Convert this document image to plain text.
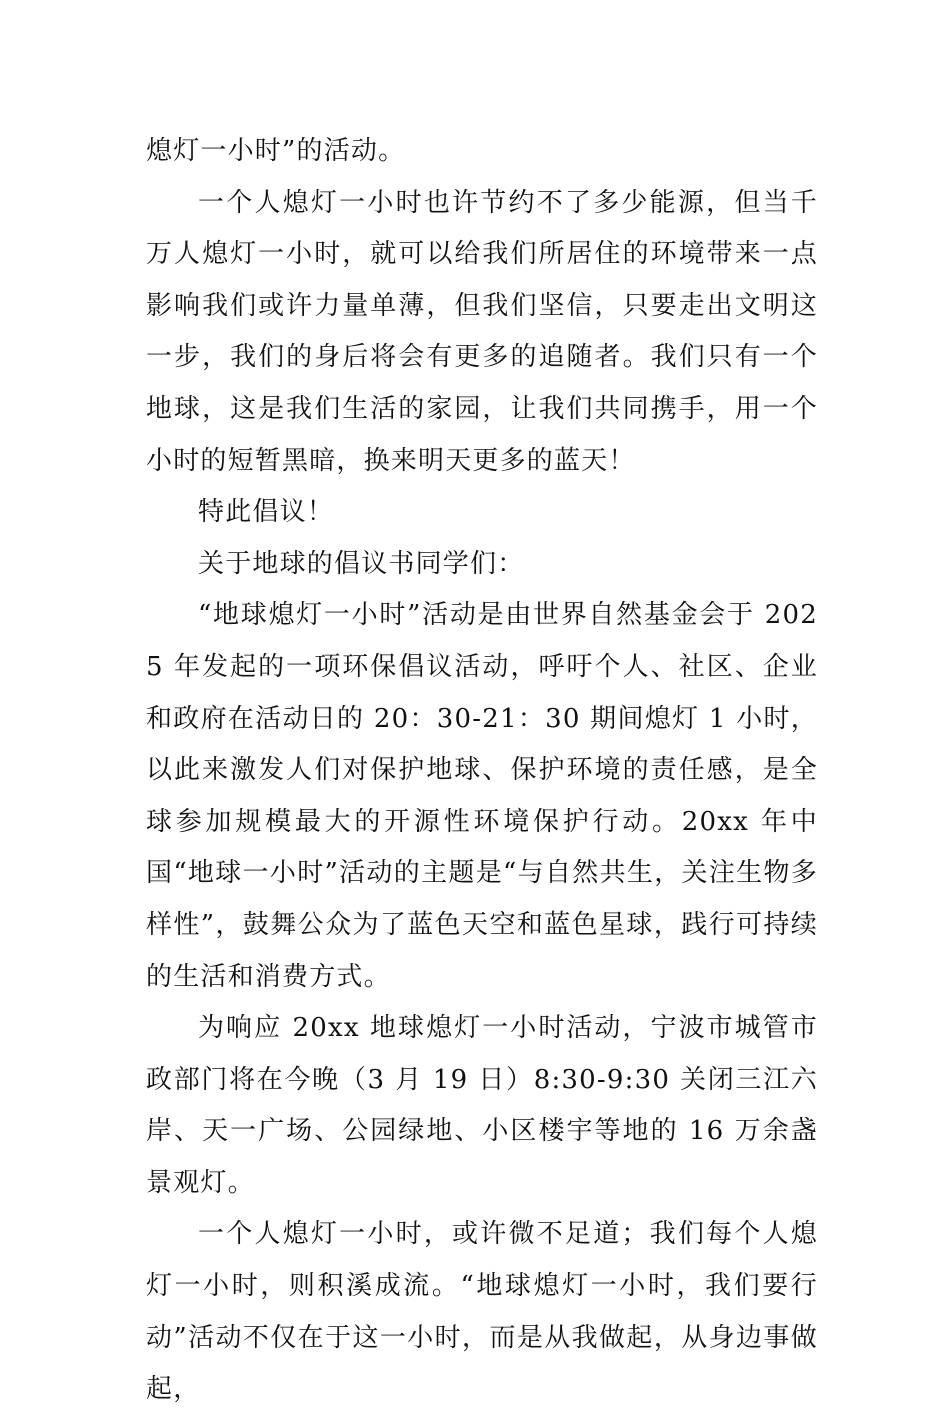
熄灯一小时”的活动。

一个人熄灯一小时也许节约不了多少能源，但当千万人熄灯一小时，就可以给我们所居住的环境带来一点影响我们或许力量单薄，但我们坚信，只要走出文明这一步，我们的身后将会有更多的追随者。我们只有一个地球，这是我们生活的家园，让我们共同携手，用一个小时的短暂黑暗，换来明天更多的蓝天！

特此倡议！

关于地球的倡议书同学们：

“地球熄灯一小时”活动是由世界自然基金会于 2025 年发起的一项环保倡议活动，呼吁个人、社区、企业和政府在活动日的 20：30-21：30 期间熄灯 1 小时，以此来激发人们对保护地球、保护环境的责任感，是全球参加规模最大的开源性环境保护行动。20xx 年中国“地球一小时”活动的主题是“与自然共生，关注生物多样性”，鼓舞公众为了蓝色天空和蓝色星球，践行可持续的生活和消费方式。

为响应 20xx 地球熄灯一小时活动，宁波市城管市政部门将在今晚（3 月 19 日）8:30-9:30 关闭三江六岸、天一广场、公园绿地、小区楼宇等地的 16 万余盏景观灯。

一个人熄灯一小时，或许微不足道；我们每个人熄灯一小时，则积溪成流。“地球熄灯一小时，我们要行动”活动不仅在于这一小时，而是从我做起，从身边事做起，
